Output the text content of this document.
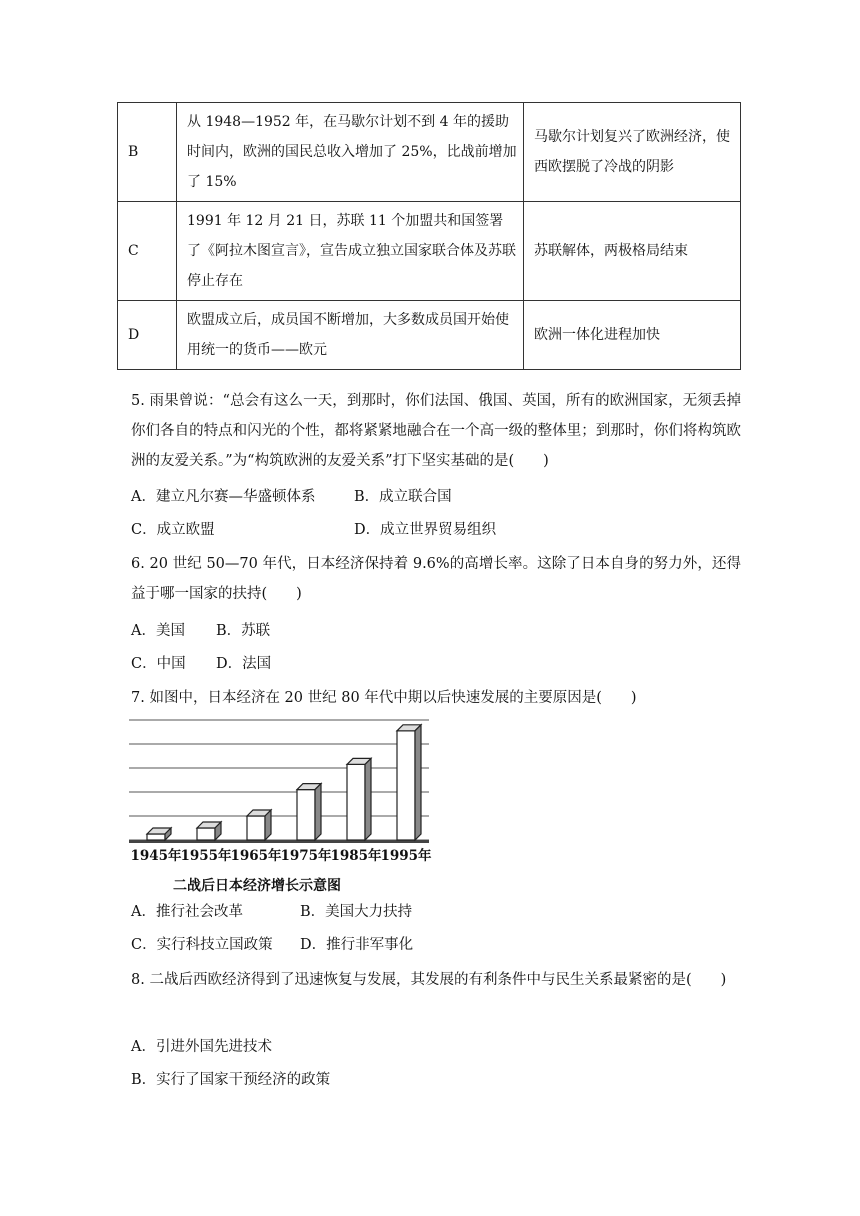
B	从 1948—1952 年，在马歇尔计划不到 4 年的援助时间内，欧洲的国民总收入增加了 25%，比战前增加了 15%	马歇尔计划复兴了欧洲经济，使西欧摆脱了冷战的阴影
C	1991 年 12 月 21 日，苏联 11 个加盟共和国签署了《阿拉木图宣言》，宣告成立独立国家联合体及苏联停止存在	苏联解体，两极格局结束
D	欧盟成立后，成员国不断增加，大多数成员国开始使用统一的货币——欧元	欧洲一体化进程加快
5. 雨果曾说：“总会有这么一天，到那时，你们法国、俄国、英国，所有的欧洲国家，无须丢掉你们各自的特点和闪光的个性，都将紧紧地融合在一个高一级的整体里；到那时，你们将构筑欧洲的友爱关系。”为“构筑欧洲的友爱关系”打下坚实基础的是(　　)
A．建立凡尔赛—华盛顿体系	B．成立联合国
C．成立欧盟	D．成立世界贸易组织
6. 20 世纪 50—70 年代，日本经济保持着 9.6%的高增长率。这除了日本自身的努力外，还得益于哪一国家的扶持(　　)
A．美国 B．苏联
C．中国 D．法国
7. 如图中，日本经济在 20 世纪 80 年代中期以后快速发展的主要原因是(　　)
1945年
1955年
1965年
1975年
1985年
1995年
二战后日本经济增长示意图
A．推行社会改革	B．美国大力扶持
C．实行科技立国政策 D．推行非军事化
8. 二战后西欧经济得到了迅速恢复与发展，其发展的有利条件中与民生关系最紧密的是(　　)
A．引进外国先进技术
B．实行了国家干预经济的政策
